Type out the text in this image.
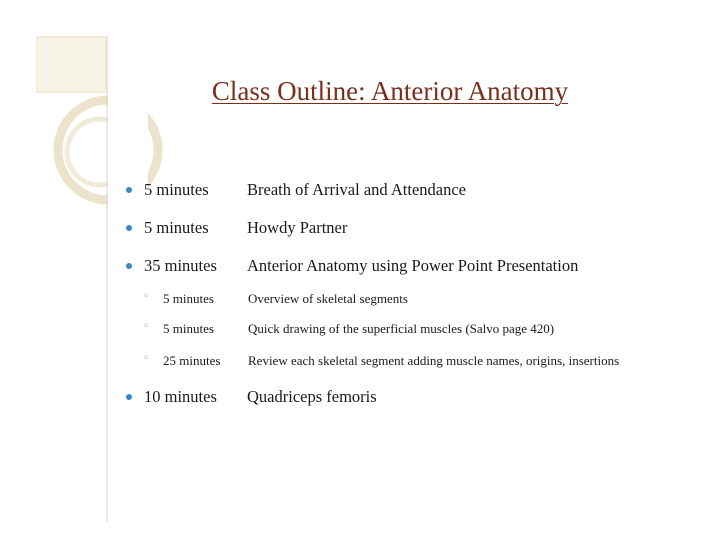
Class Outline: Anterior Anatomy
5 minutes Breath of Arrival and Attendance
5 minutes Howdy Partner
35 minutes Anterior Anatomy using Power Point Presentation
◦ 5 minutes	Overview of skeletal segments
◦ 5 minutes	Quick drawing of the superficial muscles (Salvo page 420)
◦ 25 minutes Review each skeletal segment adding muscle names, origins, insertions
10 minutes Quadriceps femoris
